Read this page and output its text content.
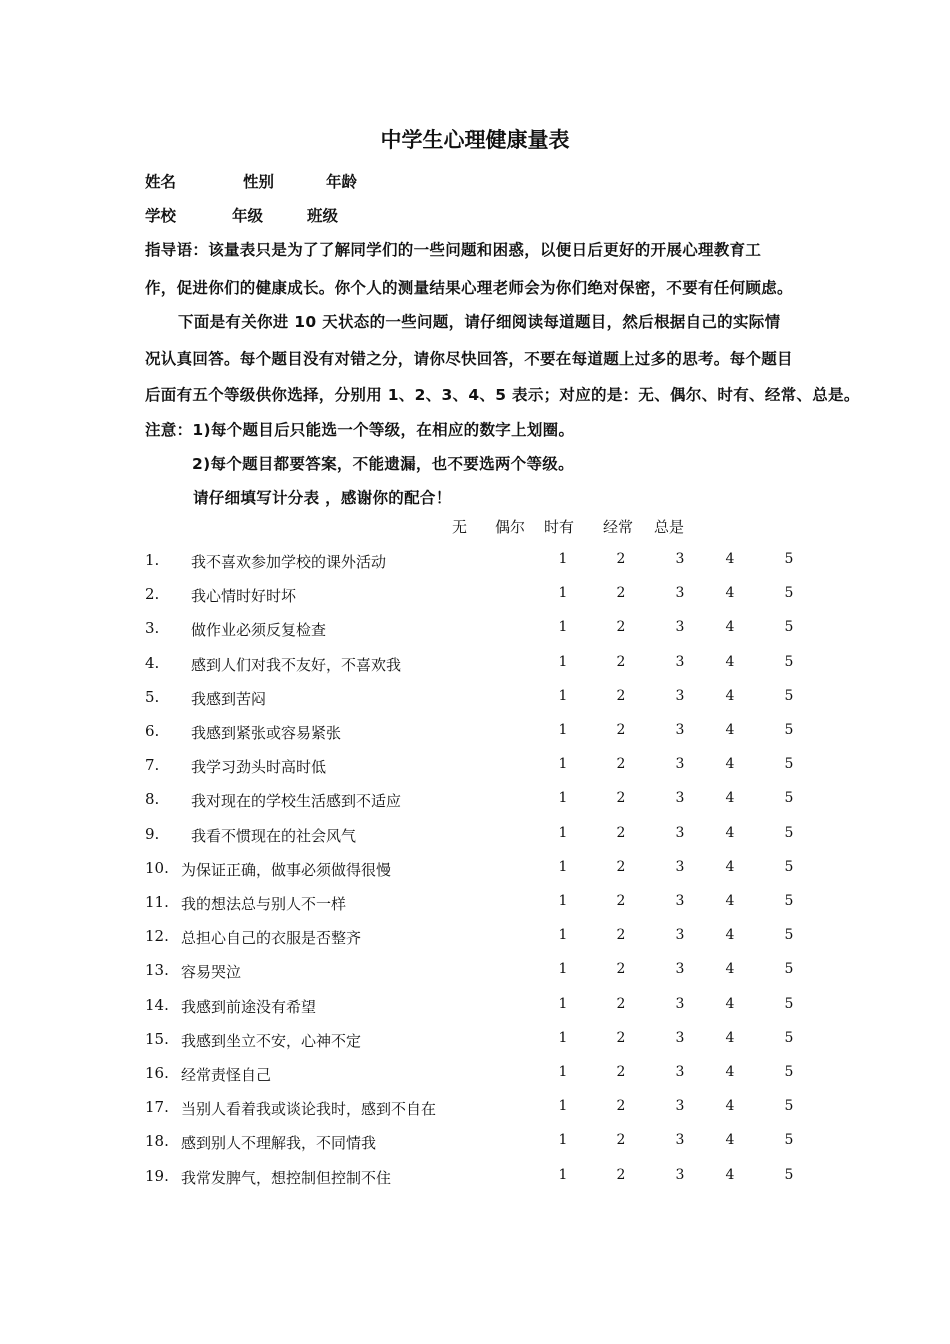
中学生心理健康量表
姓名	性别	年龄
学校	年级	班级
指导语：该量表只是为了了解同学们的一些问题和困惑，以便日后更好的开展心理教育工
作，促进你们的健康成长。你个人的测量结果心理老师会为你们绝对保密，不要有任何顾虑。
下面是有关你进 10 天状态的一些问题，请仔细阅读每道题目，然后根据自己的实际情
况认真回答。每个题目没有对错之分，请你尽快回答，不要在每道题上过多的思考。每个题目
后面有五个等级供你选择，分别用 1、2、3、4、5 表示；对应的是：无、偶尔、时有、经常、总是。
注意：1)每个题目后只能选一个等级，在相应的数字上划圈。
2)每个题目都要答案，不能遗漏，也不要选两个等级。
请仔细填写计分表 ，感谢你的配合！
无 偶尔 时有 经常 总是
1. 我不喜欢参加学校的课外活动	1	2	3	4	5
2. 我心情时好时坏	1	2	3	4	5
3. 做作业必须反复检查	1	2	3	4	5
4. 感到人们对我不友好，不喜欢我	1	2	3	4	5
5. 我感到苦闷	1	2	3	4	5
6. 我感到紧张或容易紧张	1	2	3	4	5
7. 我学习劲头时高时低	1	2	3	4	5
8. 我对现在的学校生活感到不适应	1	2	3	4	5
9. 我看不惯现在的社会风气	1	2	3	4	5
10. 为保证正确，做事必须做得很慢	1	2	3	4	5
11. 我的想法总与别人不一样	1	2	3	4	5
12. 总担心自己的衣服是否整齐	1	2	3	4	5
13. 容易哭泣	1	2	3	4	5
14. 我感到前途没有希望	1	2	3	4	5
15. 我感到坐立不安，心神不定	1	2	3	4	5
16. 经常责怪自己	1	2	3	4	5
17. 当别人看着我或谈论我时，感到不自在	1	2	3	4	5
18. 感到别人不理解我，不同情我	1	2	3	4	5
19. 我常发脾气，想控制但控制不住	1	2	3	4	5
